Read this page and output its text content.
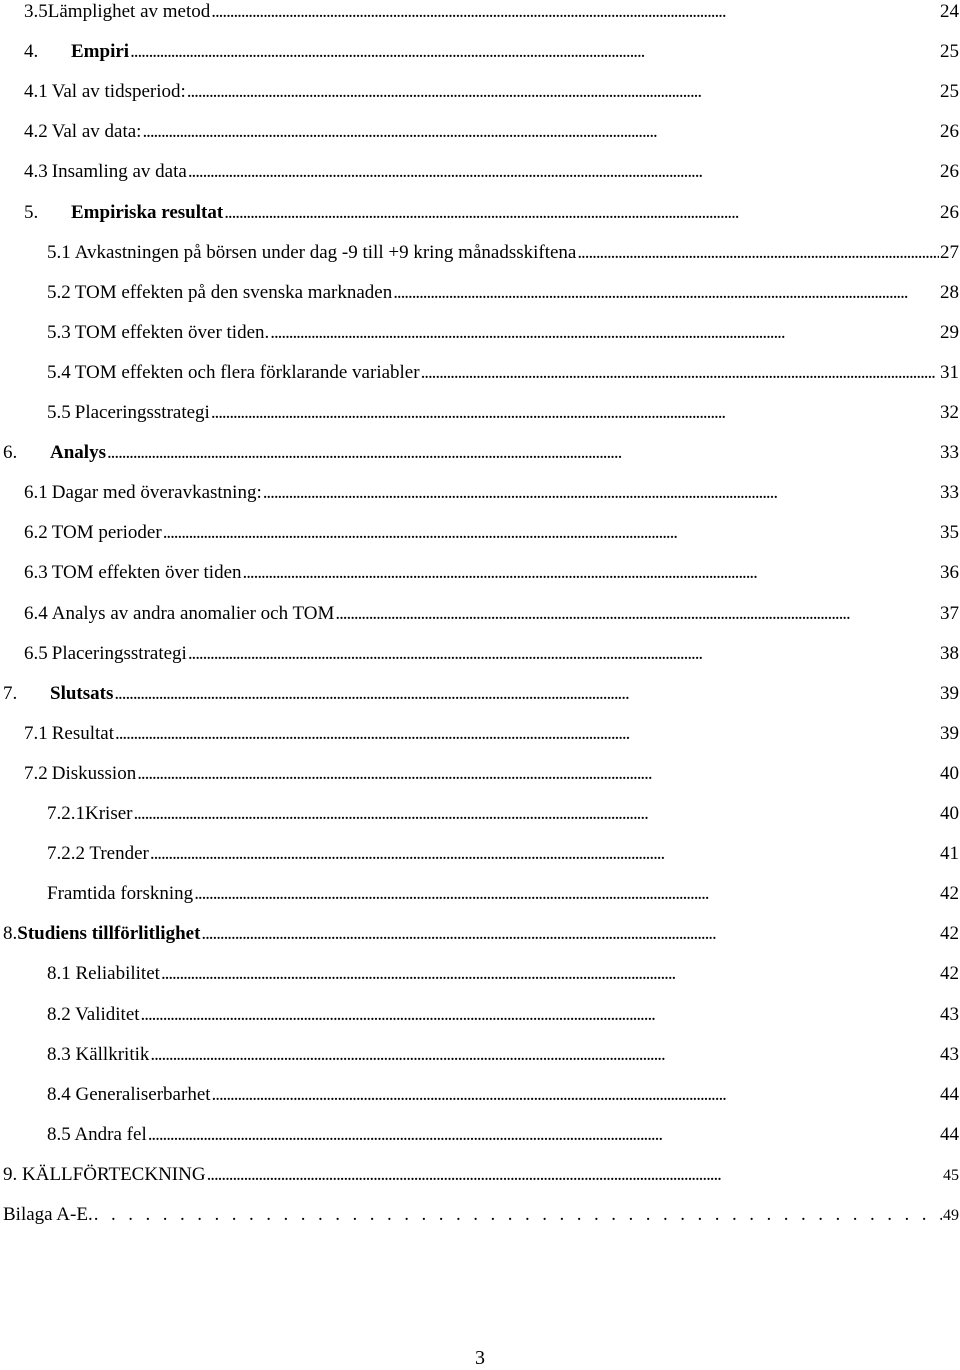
3.5 Lämplighet av metod . . .	24
4.	Empiri . . .	25
4.1 Val av tidsperiod: . . .	25
4.2 Val av data: . . .	26
4.3 Insamling av data . . .	26
5.	Empiriska resultat . . .	26
5.1 Avkastningen på börsen under dag -9 till +9 kring månadsskiftena . . .	27
5.2 TOM effekten på den svenska marknaden . . .	28
5.3 TOM effekten över tiden. . . .	29
5.4 TOM effekten och flera förklarande variabler . . .	31
5.5 Placeringsstrategi . . .	32
6.	Analys . . .	33
6.1 Dagar med överavkastning: . . .	33
6.2 TOM perioder . . .	35
6.3 TOM effekten över tiden . . .	36
6.4 Analys av andra anomalier och TOM . . .	37
6.5 Placeringsstrategi . . .	38
7.	Slutsats . . .	39
7.1 Resultat . . .	39
7.2 Diskussion . . .	40
7.2.1Kriser . . .	40
7.2.2 Trender . . .	41
Framtida forskning . . .	42
8. Studiens tillförlitlighet . . .	42
8.1 Reliabilitet . . .	42
8.2 Validitet . . .	43
8.3 Källkritik . . .	43
8.4 Generaliserbarhet . . .	44
8.5 Andra fel . . .	44
9. KÄLLFÖRTECKNING . . .	45
Bilaga A-E. . .	49
3
